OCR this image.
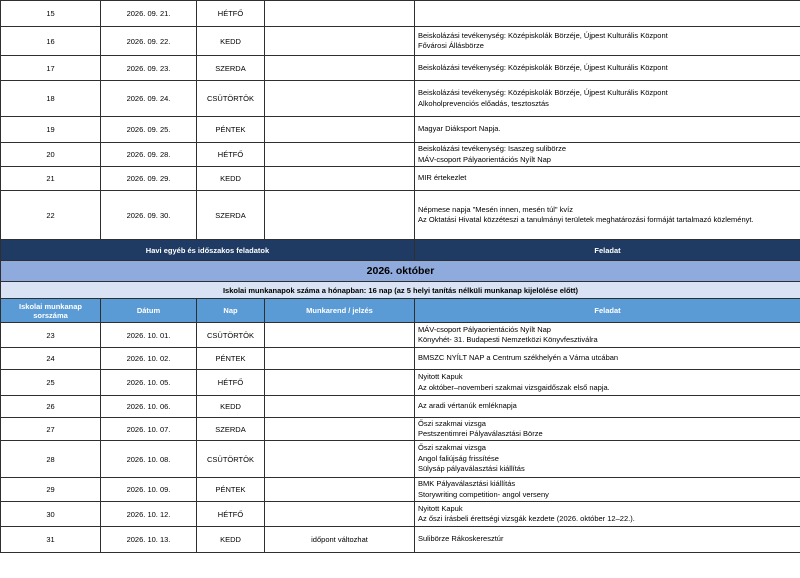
15	2026. 09. 21.	HÉTFŐ		
16	2026. 09. 22.	KEDD		Beiskolázási tevékenység: Középiskolák Börzéje, Újpest Kulturális Központ
Fővárosi Állásbörze

17	2026. 09. 23.	SZERDA		Beiskolázási tevékenység: Középiskolák Börzéje, Újpest Kulturális Központ

18	2026. 09. 24.	CSÜTÖRTÖK		Beiskolázási tevékenység: Középiskolák Börzéje, Újpest Kulturális Központ
Alkoholprevenciós előadás, tesztosztás

19	2026. 09. 25.	PÉNTEK		Magyar Diáksport Napja.

20	2026. 09. 28.	HÉTFŐ		Beiskolázási tevékenység: Isaszeg sulibörze
MÁV-csoport Pályaorientációs Nyílt Nap

21	2026. 09. 29.	KEDD		MIR értekezlet

22	2026. 09. 30.	SZERDA		Népmese napja "Mesén innen, mesén túl" kvíz
Az Oktatási Hivatal közzéteszi a tanulmányi területek meghatározási formáját tartalmazó közleményt.

Havi egyéb és időszakos feladatok				Feladat
2026. október				
Iskolai munkanapok száma a hónapban: 16 nap (az 5 helyi tanítás nélküli munkanap kijelölése előtt)				

Iskolai munkanap
sorszáma	Dátum	Nap	Munkarend / jelzés	Feladat
23	2026. 10. 01.	CSÜTÖRTÖK		MÁV-csoport Pályaorientációs Nyílt Nap
Könyvhét- 31. Budapesti Nemzetközi Könyvfesztiválra

24	2026. 10. 02.	PÉNTEK		BMSZC NYÍLT NAP a Centrum székhelyén a Várna utcában

25	2026. 10. 05.	HÉTFŐ		Nyitott Kapuk
Az október–novemberi szakmai vizsgaidőszak első napja.

26	2026. 10. 06.	KEDD		Az aradi vértanúk emléknapja

27	2026. 10. 07.	SZERDA		Őszi szakmai vizsga
Pestszentimrei Pályaválasztási Börze

28	2026. 10. 08.	CSÜTÖRTÖK		Őszi szakmai vizsga
Angol faliújság frissítése
Sülysáp pályaválasztási kiállítás

29	2026. 10. 09.	PÉNTEK		BMK Pályaválasztási kiállítás
Storywriting competition- angol verseny

30	2026. 10. 12.	HÉTFŐ		Nyitott Kapuk
Az őszi írásbeli érettségi vizsgák kezdete (2026. október 12–22.).

31	2026. 10. 13.	KEDD	időpont változhat	Sulibörze Rákoskeresztúr
